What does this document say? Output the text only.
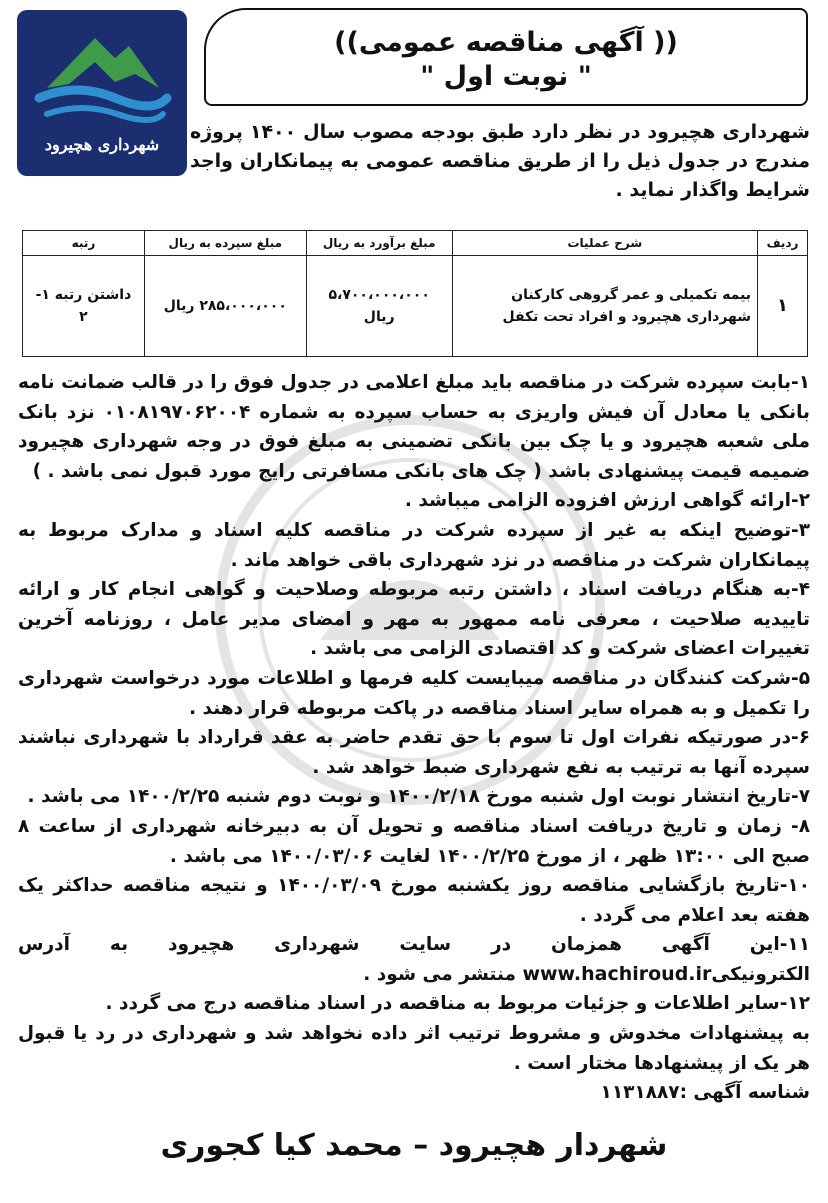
شهرداری هچیرود
((آگهی مناقصه عمومی ))
" نوبت اول "
شهرداری هچیرود در نظر دارد طبق بودجه مصوب سال ۱۴۰۰ پروژه مندرج در جدول ذیل را از طریق مناقصه عمومی به پیمانکاران واجد شرایط واگذار نماید .
ردیف	شرح عملیات	مبلغ برآورد به ریال	مبلغ سپرده به ریال	رتبه
۱	بیمه تکمیلی و عمر گروهی کارکنان شهرداری هچیرود و افراد تحت تکفل	۵،۷۰۰،۰۰۰،۰۰۰ ریال	۲۸۵،۰۰۰،۰۰۰ ریال	داشتن رتبه ۱- ۲

۱-بابت سپرده شرکت در مناقصه باید مبلغ اعلامی در جدول فوق را در قالب ضمانت نامه بانکی یا معادل آن فیش واریزی به حساب سپرده به شماره ۰۱۰۸۱۹۷۰۶۲۰۰۴ نزد بانک ملی شعبه هچیرود و یا چک بین بانکی تضمینی به مبلغ فوق در وجه شهرداری هچیرود ضمیمه قیمت پیشنهادی باشد ( چک های بانکی مسافرتی رایج مورد قبول نمی باشد . )

۲-ارائه گواهی ارزش افزوده الزامی میباشد .

۳-توضیح اینکه به غیر از سپرده شرکت در مناقصه کلیه اسناد و مدارک مربوط به پیمانکاران شرکت در مناقصه در نزد شهرداری باقی خواهد ماند .

۴-به هنگام دریافت اسناد ، داشتن رتبه مربوطه وصلاحیت و گواهی انجام کار و ارائه تاییدیه صلاحیت ، معرفی نامه ممهور به مهر و امضای مدیر عامل ، روزنامه آخرین تغییرات اعضای شرکت و کد اقتصادی الزامی می باشد .

۵-شرکت کنندگان در مناقصه میبایست کلیه فرمها و اطلاعات مورد درخواست شهرداری را تکمیل و به همراه سایر اسناد مناقصه در پاکت مربوطه قرار دهند .

۶-در صورتیکه نفرات اول تا سوم با حق تقدم حاضر به عقد قرارداد با شهرداری نباشند سپرده آنها به ترتیب به نفع شهرداری ضبط خواهد شد .

۷-تاریخ انتشار نوبت اول شنبه مورخ ۱۴۰۰/۲/۱۸ و نوبت دوم شنبه ۱۴۰۰/۲/۲۵ می باشد .

۸- زمان و تاریخ دریافت اسناد مناقصه و تحویل آن به دبیرخانه شهرداری از ساعت ۸ صبح الی ۱۳:۰۰ ظهر ، از مورخ ۱۴۰۰/۲/۲۵ لغایت ۱۴۰۰/۰۳/۰۶ می باشد .

۱۰-تاریخ بازگشایی مناقصه روز یکشنبه مورخ ۱۴۰۰/۰۳/۰۹ و نتیجه مناقصه حداکثر یک هفته بعد اعلام می گردد .

۱۱-این آگهی همزمان در سایت شهرداری هچیرود به آدرس الکترونیکیwww.hachiroud.ir منتشر می شود .

۱۲-سایر اطلاعات و جزئیات مربوط به مناقصه در اسناد مناقصه درج می گردد .

به پیشنهادات مخدوش و مشروط ترتیب اثر داده نخواهد شد و شهرداری در رد یا قبول هر یک از پیشنهادها مختار است .

شناسه آگهی :۱۱۳۱۸۸۷

شهردار هچیرود – محمد کیا کجوری
